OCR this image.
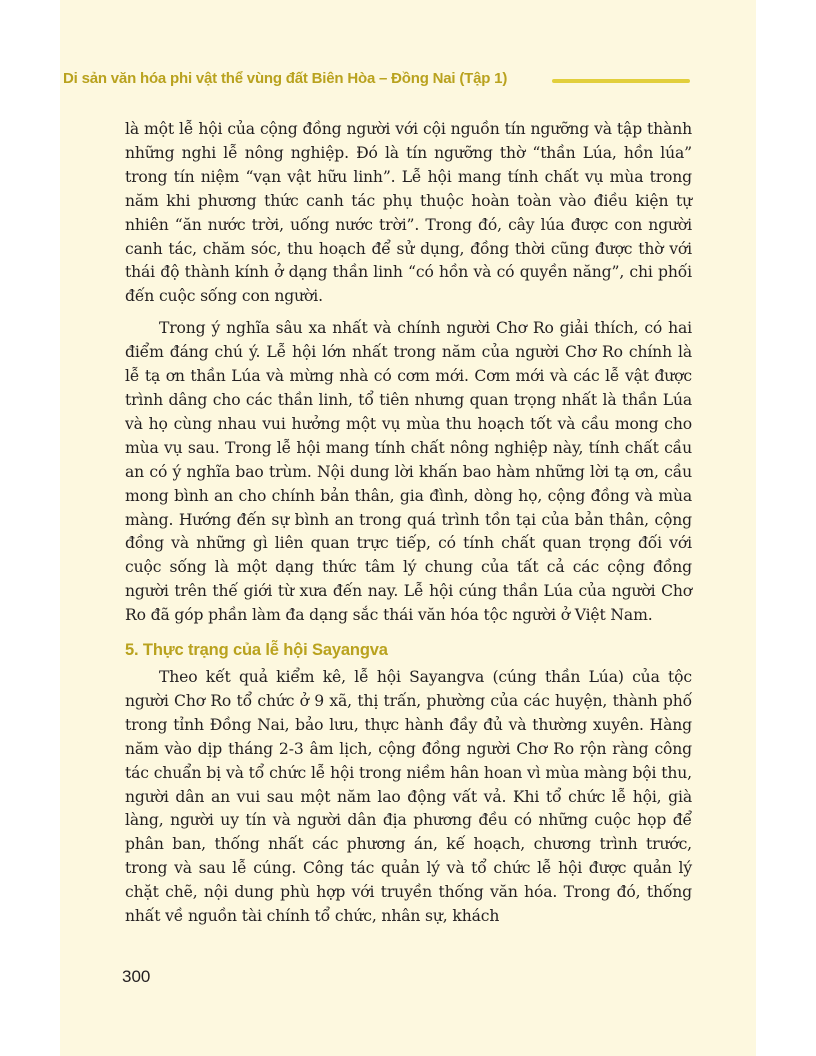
Di sản văn hóa phi vật thể vùng đất Biên Hòa – Đồng Nai (Tập 1)

là một lễ hội của cộng đồng người với cội nguồn tín ngưỡng và tập thành những nghi lễ nông nghiệp. Đó là tín ngưỡng thờ “thần Lúa, hồn lúa” trong tín niệm “vạn vật hữu linh”. Lễ hội mang tính chất vụ mùa trong năm khi phương thức canh tác phụ thuộc hoàn toàn vào điều kiện tự nhiên “ăn nước trời, uống nước trời”. Trong đó, cây lúa được con người canh tác, chăm sóc, thu hoạch để sử dụng, đồng thời cũng được thờ với thái độ thành kính ở dạng thần linh “có hồn và có quyền năng”, chi phối đến cuộc sống con người.

Trong ý nghĩa sâu xa nhất và chính người Chơ Ro giải thích, có hai điểm đáng chú ý. Lễ hội lớn nhất trong năm của người Chơ Ro chính là lễ tạ ơn thần Lúa và mừng nhà có cơm mới. Cơm mới và các lễ vật được trình dâng cho các thần linh, tổ tiên nhưng quan trọng nhất là thần Lúa và họ cùng nhau vui hưởng một vụ mùa thu hoạch tốt và cầu mong cho mùa vụ sau. Trong lễ hội mang tính chất nông nghiệp này, tính chất cầu an có ý nghĩa bao trùm. Nội dung lời khấn bao hàm những lời tạ ơn, cầu mong bình an cho chính bản thân, gia đình, dòng họ, cộng đồng và mùa màng. Hướng đến sự bình an trong quá trình tồn tại của bản thân, cộng đồng và những gì liên quan trực tiếp, có tính chất quan trọng đối với cuộc sống là một dạng thức tâm lý chung của tất cả các cộng đồng người trên thế giới từ xưa đến nay. Lễ hội cúng thần Lúa của người Chơ Ro đã góp phần làm đa dạng sắc thái văn hóa tộc người ở Việt Nam.

5. Thực trạng của lễ hội Sayangva

Theo kết quả kiểm kê, lễ hội Sayangva (cúng thần Lúa) của tộc người Chơ Ro tổ chức ở 9 xã, thị trấn, phường của các huyện, thành phố trong tỉnh Đồng Nai, bảo lưu, thực hành đầy đủ và thường xuyên. Hàng năm vào dịp tháng 2-3 âm lịch, cộng đồng người Chơ Ro rộn ràng công tác chuẩn bị và tổ chức lễ hội trong niềm hân hoan vì mùa màng bội thu, người dân an vui sau một năm lao động vất vả. Khi tổ chức lễ hội, già làng, người uy tín và người dân địa phương đều có những cuộc họp để phân ban, thống nhất các phương án, kế hoạch, chương trình trước, trong và sau lễ cúng. Công tác quản lý và tổ chức lễ hội được quản lý chặt chẽ, nội dung phù hợp với truyền thống văn hóa. Trong đó, thống nhất về nguồn tài chính tổ chức, nhân sự, khách

300
